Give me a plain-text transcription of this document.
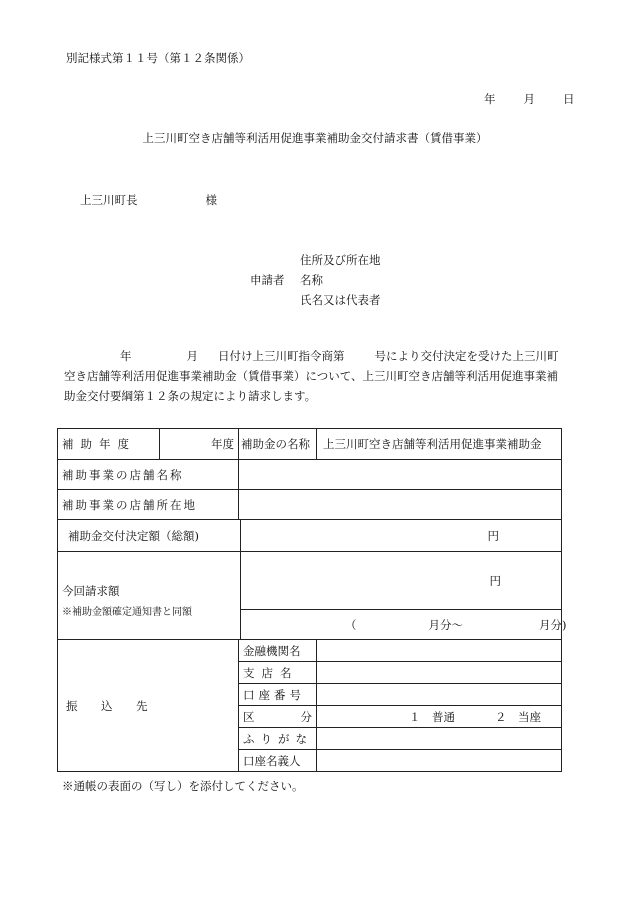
別記様式第１１号（第１２条関係）
年 月 日
上三川町空き店舗等利活用促進事業補助金交付請求書（賃借事業）
上三川町長	様
住所及び所在地
申請者 名称
氏名又は代表者
年	月 日付け上三川町指令商第	号により交付決定を受けた上三川町空き店舗等利活用促進事業補助金（賃借事業）について、上三川町空き店舗等利活用促進事業補助金交付要綱第１２条の規定により請求します。
補助年度	年度	補助金の名称		上三川町空き店舗等利活用促進事業補助金
補助事業の店舗名称				
補助事業の店舗所在地				
補助金交付決定額（総額)			円	

今回請求額
※補助金額確定通知書と同額			円	
			（ 月分～ 月分)	
振　込　先		金融機関名		
		支店名		
		口座番号		
		区分		１　普通 ２　当座
		ふりがな		
		口座名義人		
※通帳の表面の（写し）を添付してください。
